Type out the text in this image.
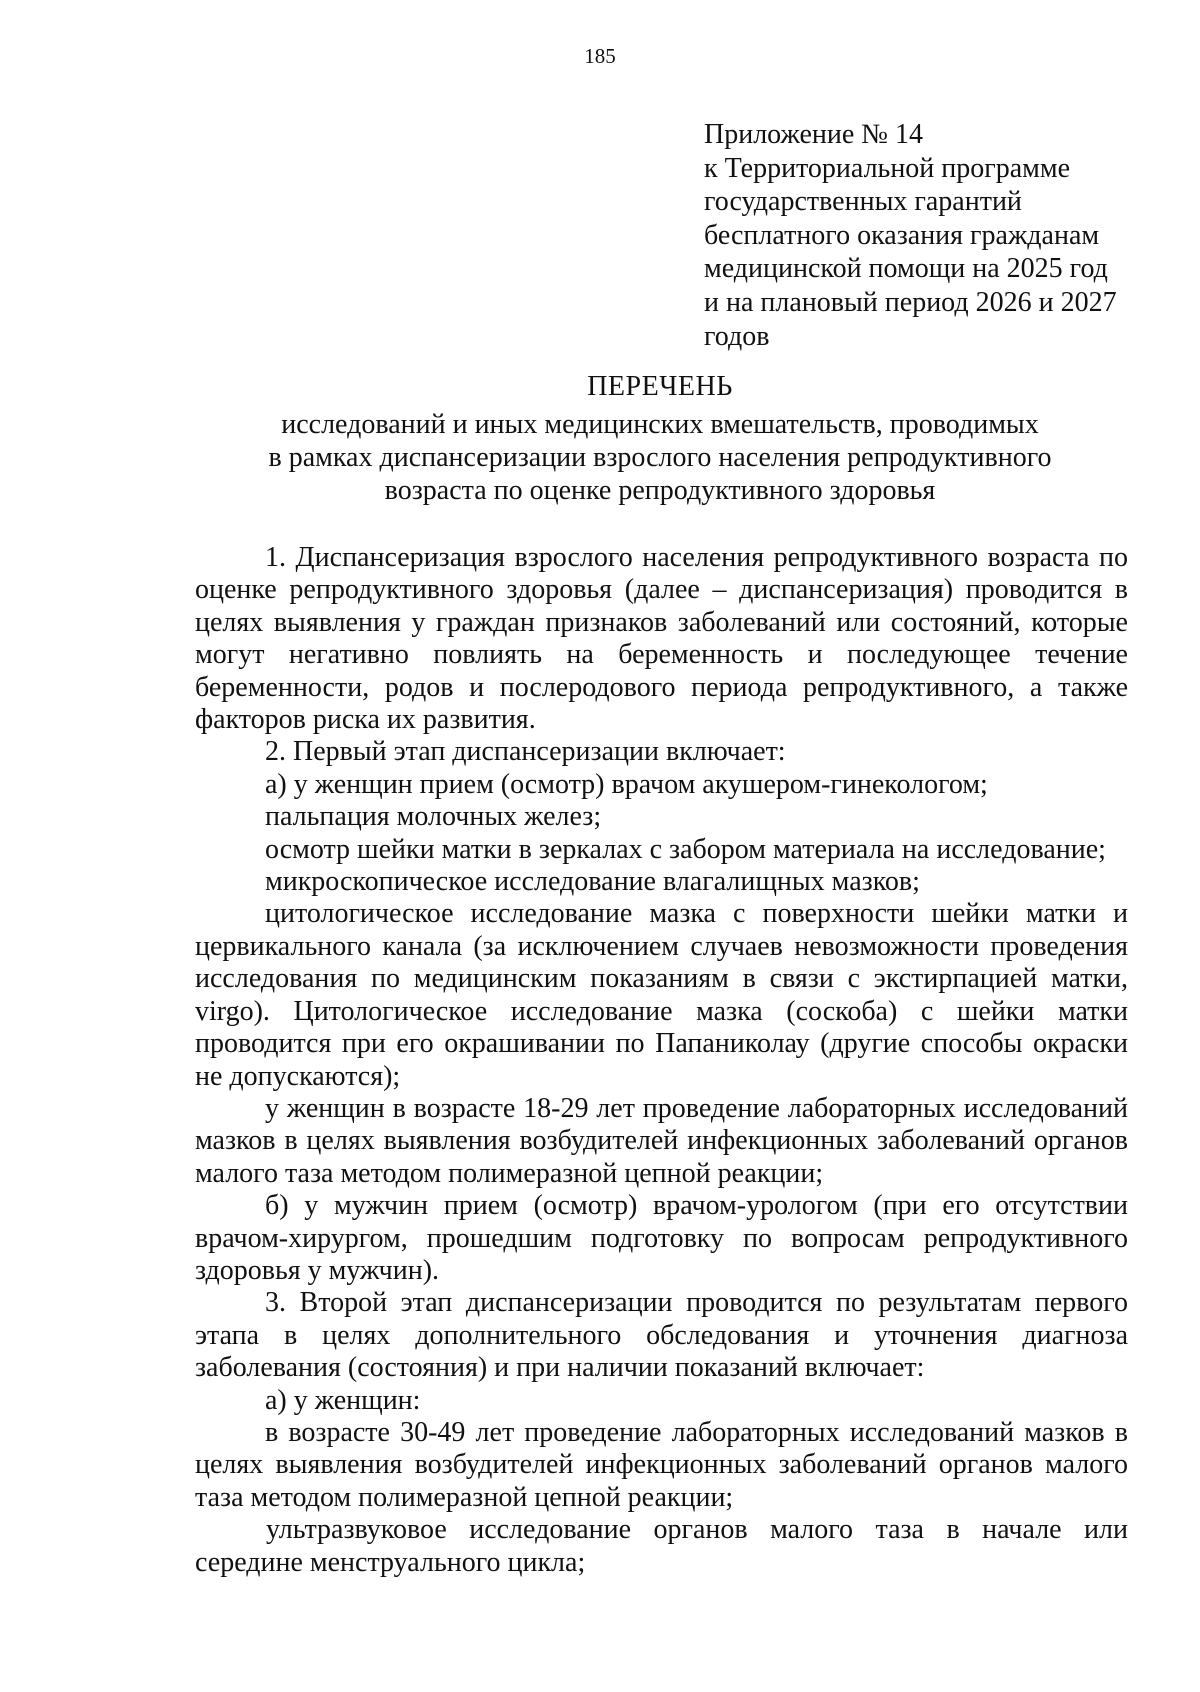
185
Приложение № 14
к Территориальной программе
государственных гарантий
бесплатного оказания гражданам
медицинской помощи на 2025 год
и на плановый период 2026 и 2027
годов
ПЕРЕЧЕНЬ
исследований и иных медицинских вмешательств, проводимых
в рамках диспансеризации взрослого населения репродуктивного
возраста по оценке репродуктивного здоровья

1. Диспансеризация взрослого населения репродуктивного возраста по оценке репродуктивного здоровья (далее – диспансеризация) проводится в целях выявления у граждан признаков заболеваний или состояний, которые могут негативно повлиять на беременность и последующее течение беременности, родов и послеродового периода репродуктивного, а также факторов риска их развития.

2. Первый этап диспансеризации включает:

а) у женщин прием (осмотр) врачом акушером-гинекологом;

пальпация молочных желез;

осмотр шейки матки в зеркалах с забором материала на исследование;

микроскопическое исследование влагалищных мазков;

цитологическое исследование мазка с поверхности шейки матки и цервикального канала (за исключением случаев невозможности проведения исследования по медицинским показаниям в связи с экстирпацией матки, virgo). Цитологическое исследование мазка (соскоба) с шейки матки проводится при его окрашивании по Папаниколау (другие способы окраски не допускаются);

у женщин в возрасте 18-29 лет проведение лабораторных исследований мазков в целях выявления возбудителей инфекционных заболеваний органов малого таза методом полимеразной цепной реакции;

б) у мужчин прием (осмотр) врачом-урологом (при его отсутствии врачом-хирургом, прошедшим подготовку по вопросам репродуктивного здоровья у мужчин).

3. Второй этап диспансеризации проводится по результатам первого этапа в целях дополнительного обследования и уточнения диагноза заболевания (состояния) и при наличии показаний включает:

а) у женщин:

в возрасте 30-49 лет проведение лабораторных исследований мазков в целях выявления возбудителей инфекционных заболеваний органов малого таза методом полимеразной цепной реакции;

ультразвуковое исследование органов малого таза в начале или середине менструального цикла;
